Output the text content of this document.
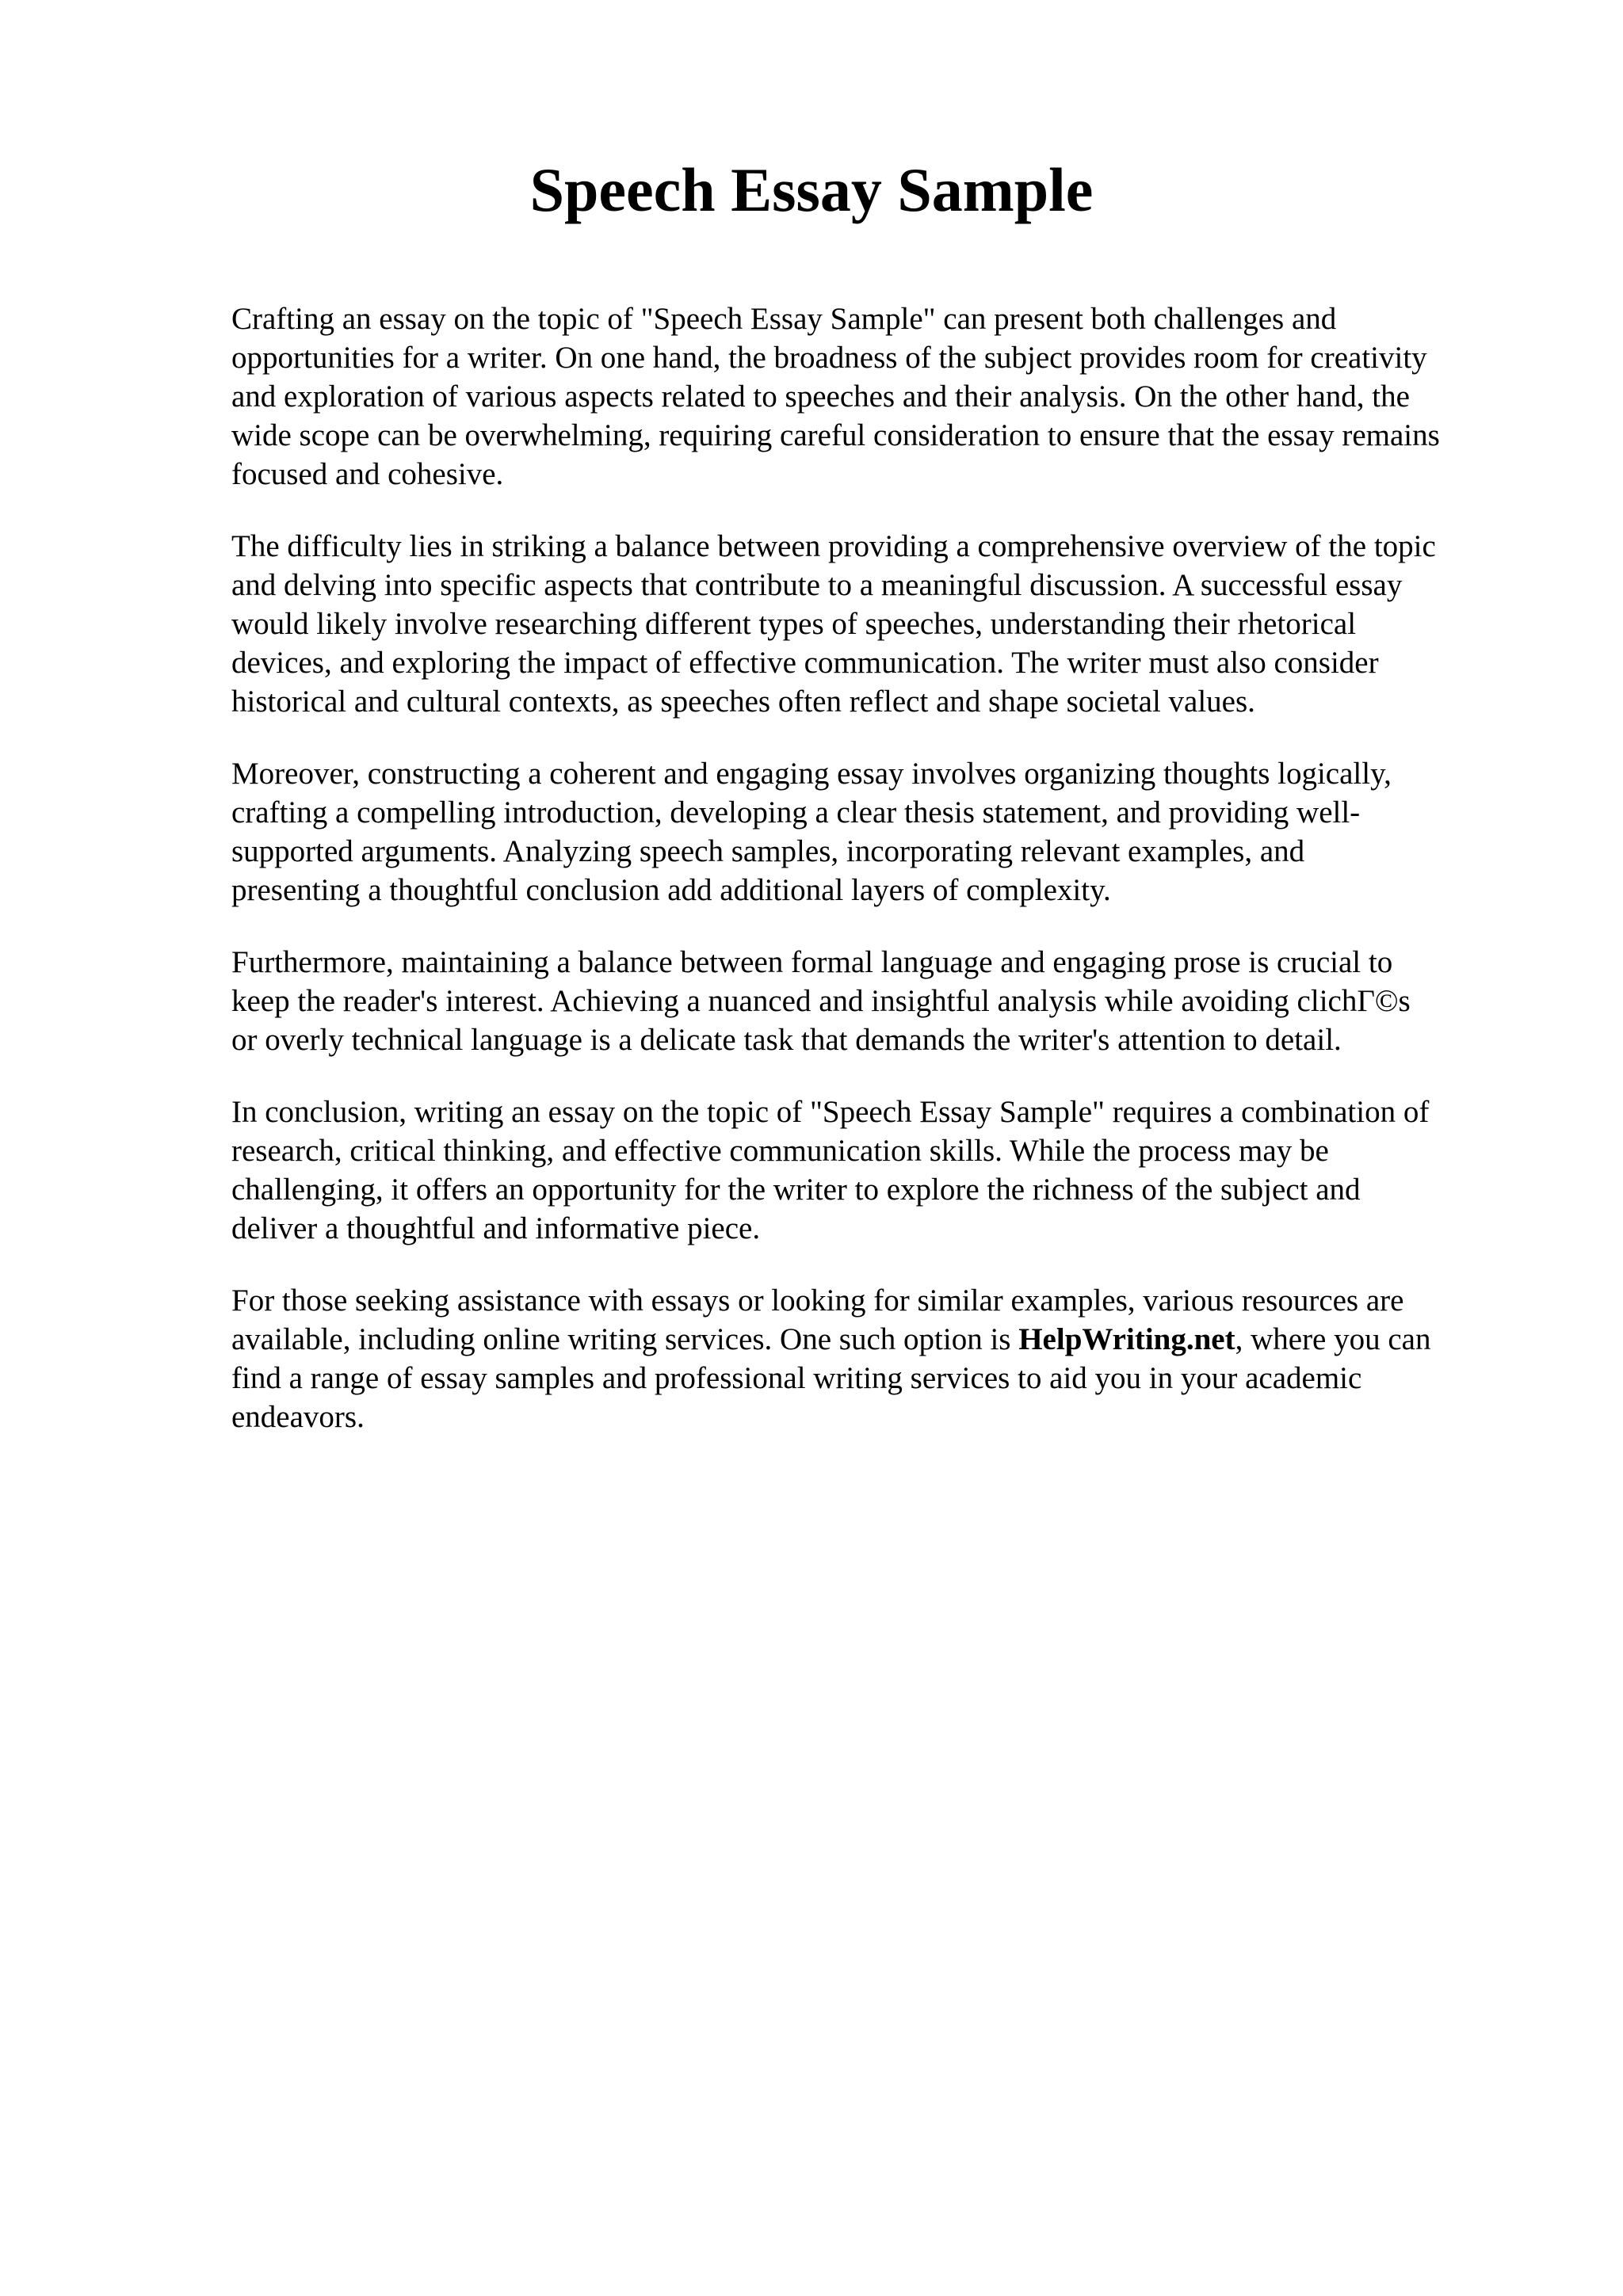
Speech Essay Sample

Crafting an essay on the topic of "Speech Essay Sample" can present both challenges and
opportunities for a writer. On one hand, the broadness of the subject provides room for creativity
and exploration of various aspects related to speeches and their analysis. On the other hand, the
wide scope can be overwhelming, requiring careful consideration to ensure that the essay remains
focused and cohesive.

The difficulty lies in striking a balance between providing a comprehensive overview of the topic
and delving into specific aspects that contribute to a meaningful discussion. A successful essay
would likely involve researching different types of speeches, understanding their rhetorical
devices, and exploring the impact of effective communication. The writer must also consider
historical and cultural contexts, as speeches often reflect and shape societal values.

Moreover, constructing a coherent and engaging essay involves organizing thoughts logically,
crafting a compelling introduction, developing a clear thesis statement, and providing well-
supported arguments. Analyzing speech samples, incorporating relevant examples, and
presenting a thoughtful conclusion add additional layers of complexity.

Furthermore, maintaining a balance between formal language and engaging prose is crucial to
keep the reader's interest. Achieving a nuanced and insightful analysis while avoiding clichΓ©s
or overly technical language is a delicate task that demands the writer's attention to detail.

In conclusion, writing an essay on the topic of "Speech Essay Sample" requires a combination of
research, critical thinking, and effective communication skills. While the process may be
challenging, it offers an opportunity for the writer to explore the richness of the subject and
deliver a thoughtful and informative piece.

For those seeking assistance with essays or looking for similar examples, various resources are
available, including online writing services. One such option is HelpWriting.net, where you can
find a range of essay samples and professional writing services to aid you in your academic
endeavors.
